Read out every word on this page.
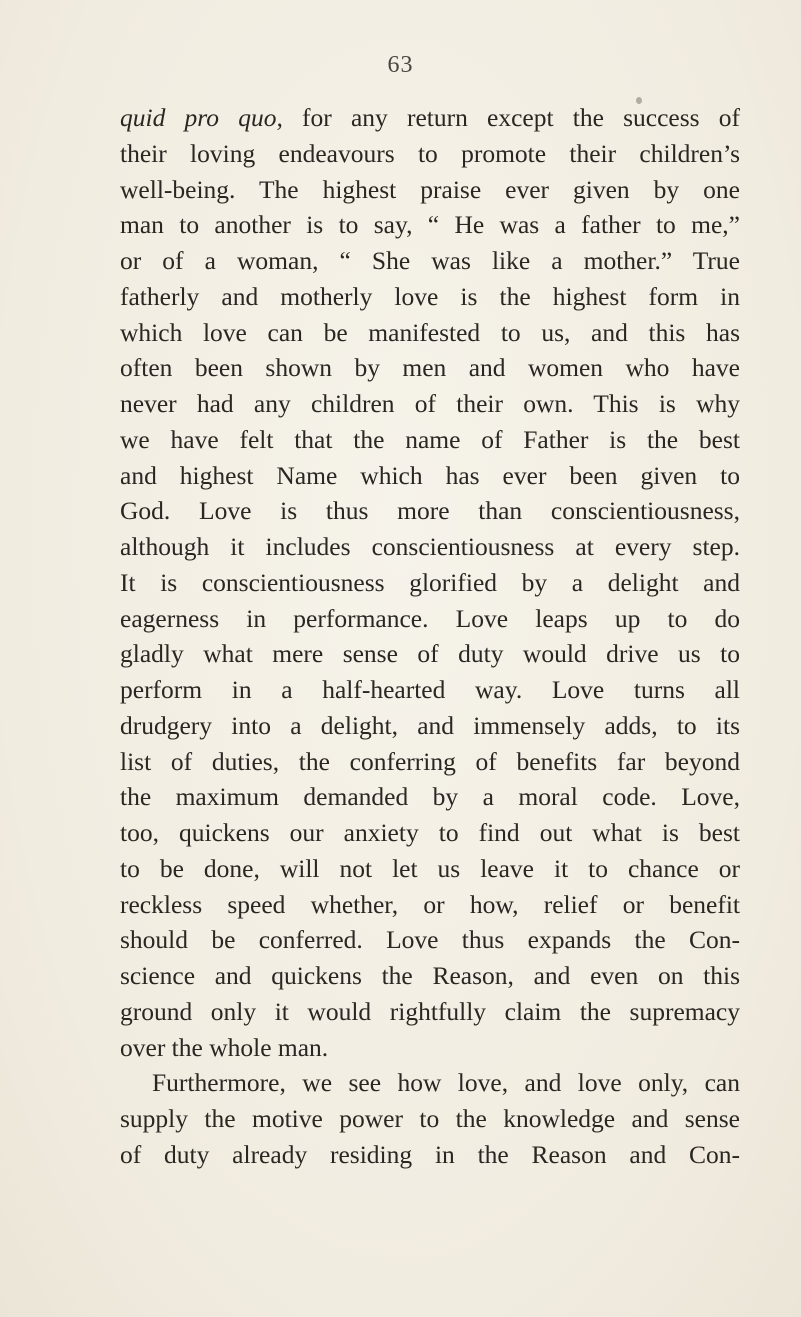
63
quid pro quo, for any return except the success of
their loving endeavours to promote their children’s
well-being. The highest praise ever given by one
man to another is to say, “ He was a father to me,”
or of a woman, “ She was like a mother.” True
fatherly and motherly love is the highest form in
which love can be manifested to us, and this has
often been shown by men and women who have
never had any children of their own. This is why
we have felt that the name of Father is the best
and highest Name which has ever been given to
God. Love is thus more than conscientiousness,
although it includes conscientiousness at every step.
It is conscientiousness glorified by a delight and
eagerness in performance. Love leaps up to do
gladly what mere sense of duty would drive us to
perform in a half-hearted way. Love turns all
drudgery into a delight, and immensely adds, to its
list of duties, the conferring of benefits far beyond
the maximum demanded by a moral code. Love,
too, quickens our anxiety to find out what is best
to be done, will not let us leave it to chance or
reckless speed whether, or how, relief or benefit
should be conferred. Love thus expands the Con-
science and quickens the Reason, and even on this
ground only it would rightfully claim the supremacy
over the whole man.
Furthermore, we see how love, and love only, can
supply the motive power to the knowledge and sense
of duty already residing in the Reason and Con-
